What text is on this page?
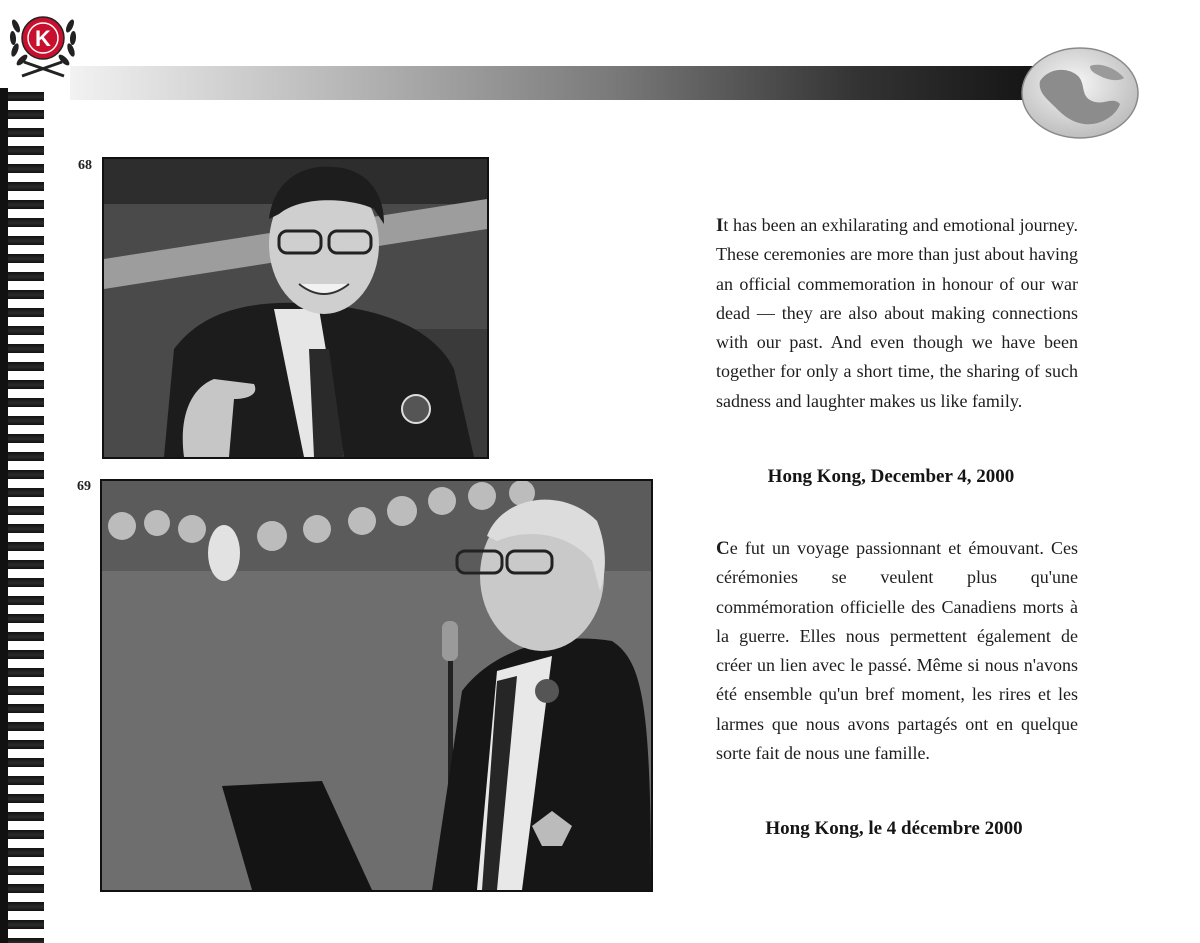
K
68
69

It has been an exhilarating and emotional journey. These ceremonies are more than just about having an official commemoration in honour of our war dead — they are also about making connections with our past. And even though we have been together for only a short time, the sharing of such sadness and laughter makes us like family.

Hong Kong, December 4, 2000

Ce fut un voyage passionnant et émouvant. Ces cérémonies se veulent plus qu'une commémoration officielle des Canadiens morts à la guerre. Elles nous permettent également de créer un lien avec le passé. Même si nous n'avons été ensemble qu'un bref moment, les rires et les larmes que nous avons partagés ont en quelque sorte fait de nous une famille.

Hong Kong, le 4 décembre 2000
